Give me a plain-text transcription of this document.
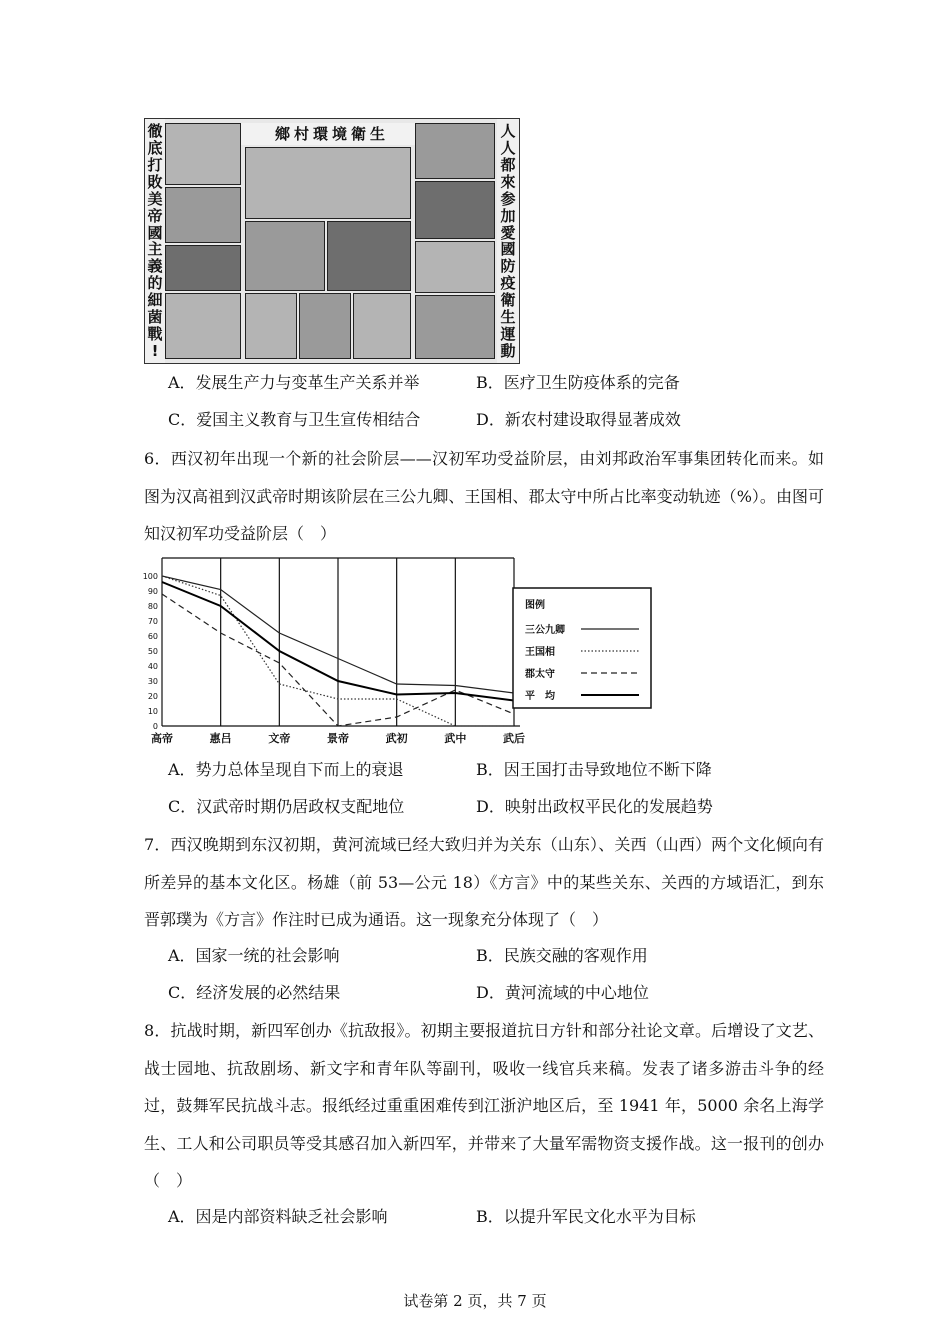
徹
底
打
敗
美
帝
國
主
義
的
細
菌
戰
!
鄉村環境衛生	人
人
都
來
参
加
愛
國
防
疫
衛
生
運
動
A．发展生产力与变革生产关系并举	B．医疗卫生防疫体系的完备
C．爱国主义教育与卫生宣传相结合	D．新农村建设取得显著成效

6．西汉初年出现一个新的社会阶层——汉初军功受益阶层，由刘邦政治军事集团转化而来。如图为汉高祖到汉武帝时期该阶层在三公九卿、王国相、郡太守中所占比率变动轨迹（%）。由图可知汉初军功受益阶层（　）

100
90
80
70
60
50
40
30
20
10
0
高帝	惠吕	文帝	景帝	武初	武中	武后
图例
三公九卿
王国相
郡太守
平　均
A．势力总体呈现自下而上的衰退	B．因王国打击导致地位不断下降
C．汉武帝时期仍居政权支配地位	D．映射出政权平民化的发展趋势

7．西汉晚期到东汉初期，黄河流域已经大致归并为关东（山东）、关西（山西）两个文化倾向有所差异的基本文化区。杨雄（前 53—公元 18）《方言》中的某些关东、关西的方域语汇，到东晋郭璞为《方言》作注时已成为通语。这一现象充分体现了（　）

A．国家一统的社会影响	B．民族交融的客观作用
C．经济发展的必然结果	D．黄河流域的中心地位

8．抗战时期，新四军创办《抗敌报》。初期主要报道抗日方针和部分社论文章。后增设了文艺、战士园地、抗敌剧场、新文字和青年队等副刊，吸收一线官兵来稿。发表了诸多游击斗争的经过，鼓舞军民抗战斗志。报纸经过重重困难传到江浙沪地区后，至 1941 年，5000 余名上海学生、工人和公司职员等受其感召加入新四军，并带来了大量军需物资支援作战。这一报刊的创办（　）

A．因是内部资料缺乏社会影响	B．以提升军民文化水平为目标
试卷第 2 页，共 7 页
